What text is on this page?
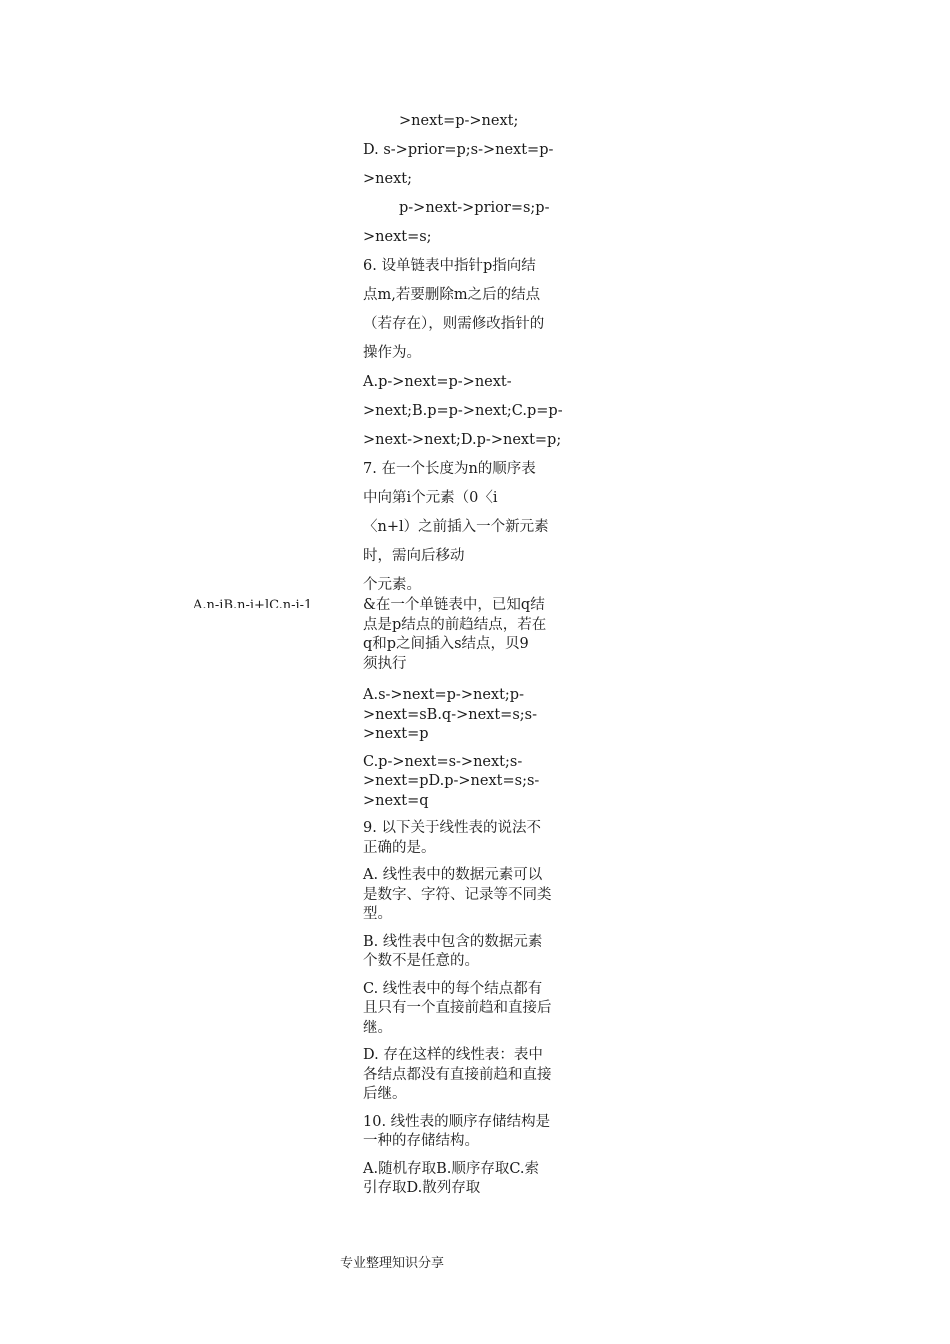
>next=p->next;
D. s->prior=p;s->next=p-
>next;
p->next->prior=s;p-
>next=s;
6. 设单链表中指针p指向结
点m,若要删除m之后的结点
（若存在），则需修改指针的
操作为。
A.p->next=p->next-
>next;B.p=p->next;C.p=p-
>next->next;D.p->next=p;
7. 在一个长度为n的顺序表
中向第i个元素（0〈i
〈n+l）之前插入一个新元素
时，需向后移动
个元素。
&在一个单链表中，已知q结
点是p结点的前趋结点，若在
q和p之间插入s结点，贝9
须执行
A.s->next=p->next;p-
>next=sB.q->next=s;s-
>next=p
C.p->next=s->next;s-
>next=pD.p->next=s;s-
>next=q
9. 以下关于线性表的说法不
正确的是。
A. 线性表中的数据元素可以
是数字、字符、记录等不同类
型。
B. 线性表中包含的数据元素
个数不是任意的。
C. 线性表中的每个结点都有
且只有一个直接前趋和直接后
继。
D. 存在这样的线性表：表中
各结点都没有直接前趋和直接
后继。
10. 线性表的顺序存储结构是
一种的存储结构。
A.随机存取B.顺序存取C.索
引存取D.散列存取
A.n-iB.n-i+lC.n-i-1
专业整理知识分享
